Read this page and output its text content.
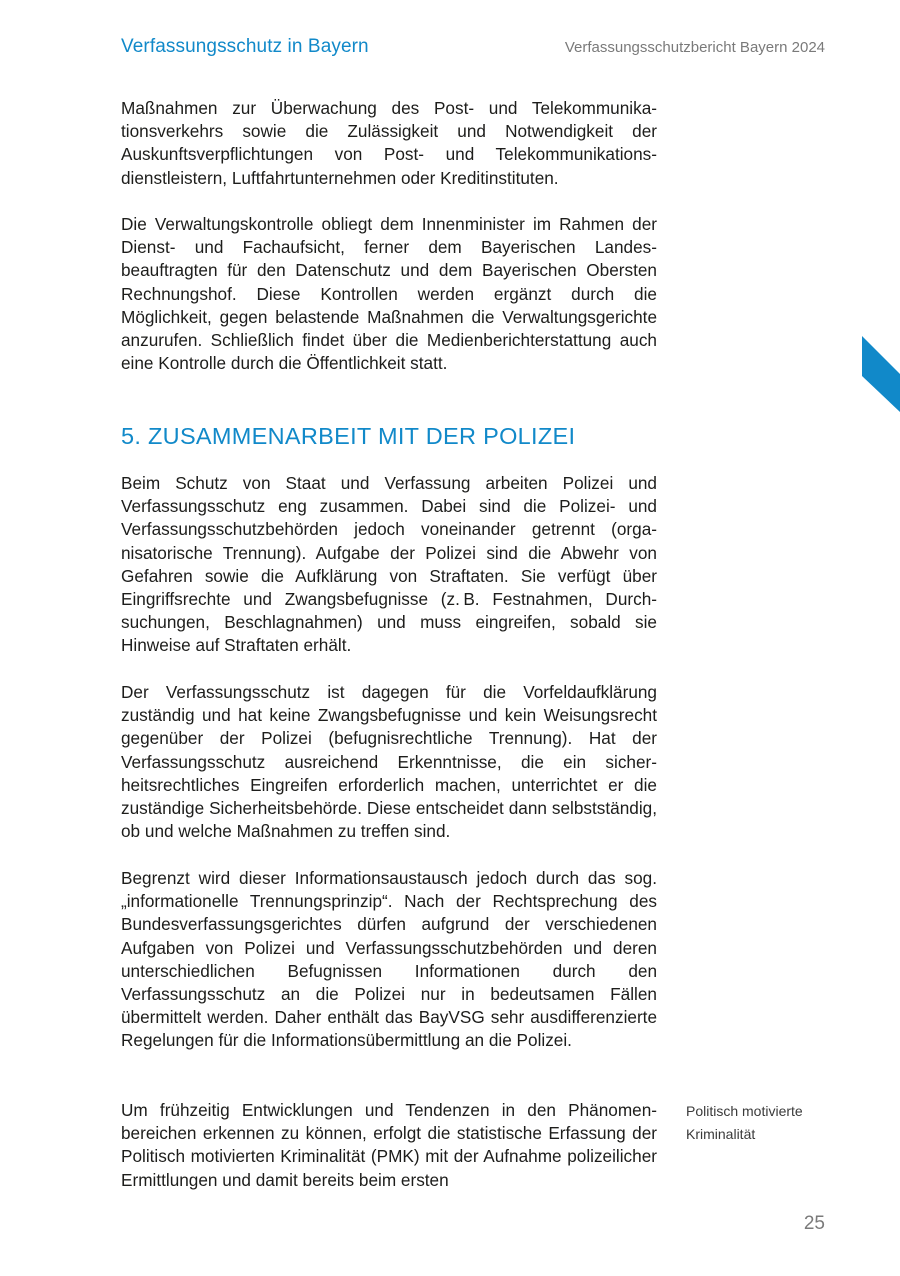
Verfassungsschutz in Bayern	Verfassungsschutzbericht Bayern 2024

Maßnahmen zur Überwachung des Post- und Telekommunikationsverkehrs sowie die Zulässigkeit und Notwendigkeit der Auskunftsverpflichtungen von Post- und Telekommunikationsdienstleistern, Luftfahrtunternehmen oder Kreditinstituten.

Die Verwaltungskontrolle obliegt dem Innenminister im Rahmen der Dienst- und Fachaufsicht, ferner dem Bayerischen Landesbeauftragten für den Datenschutz und dem Bayerischen Obersten Rechnungshof. Diese Kontrollen werden ergänzt durch die Möglichkeit, gegen belastende Maßnahmen die Verwaltungsgerichte anzurufen. Schließlich findet über die Medienberichterstattung auch eine Kontrolle durch die Öffentlichkeit statt.

5. ZUSAMMENARBEIT MIT DER POLIZEI

Beim Schutz von Staat und Verfassung arbeiten Polizei und Verfassungsschutz eng zusammen. Dabei sind die Polizei- und Verfassungsschutzbehörden jedoch voneinander getrennt (organisatorische Trennung). Aufgabe der Polizei sind die Abwehr von Gefahren sowie die Aufklärung von Straftaten. Sie verfügt über Eingriffsrechte und Zwangsbefugnisse (z. B. Festnahmen, Durchsuchungen, Beschlagnahmen) und muss eingreifen, sobald sie Hinweise auf Straftaten erhält.

Der Verfassungsschutz ist dagegen für die Vorfeldaufklärung zuständig und hat keine Zwangsbefugnisse und kein Weisungsrecht gegenüber der Polizei (befugnisrechtliche Trennung). Hat der Verfassungsschutz ausreichend Erkenntnisse, die ein sicherheitsrechtliches Eingreifen erforderlich machen, unterrichtet er die zuständige Sicherheitsbehörde. Diese entscheidet dann selbstständig, ob und welche Maßnahmen zu treffen sind.

Begrenzt wird dieser Informationsaustausch jedoch durch das sog. „informationelle Trennungsprinzip“. Nach der Rechtsprechung des Bundesverfassungsgerichtes dürfen aufgrund der verschiedenen Aufgaben von Polizei und Verfassungsschutzbehörden und deren unterschiedlichen Befugnissen Informationen durch den Verfassungsschutz an die Polizei nur in bedeutsamen Fällen übermittelt werden. Daher enthält das BayVSG sehr ausdifferenzierte Regelungen für die Informationsübermittlung an die Polizei.

Um frühzeitig Entwicklungen und Tendenzen in den Phänomenbereichen erkennen zu können, erfolgt die statistische Erfassung der Politisch motivierten Kriminalität (PMK) mit der Aufnahme polizeilicher Ermittlungen und damit bereits beim ersten

Politisch motivierte
Kriminalität
25
